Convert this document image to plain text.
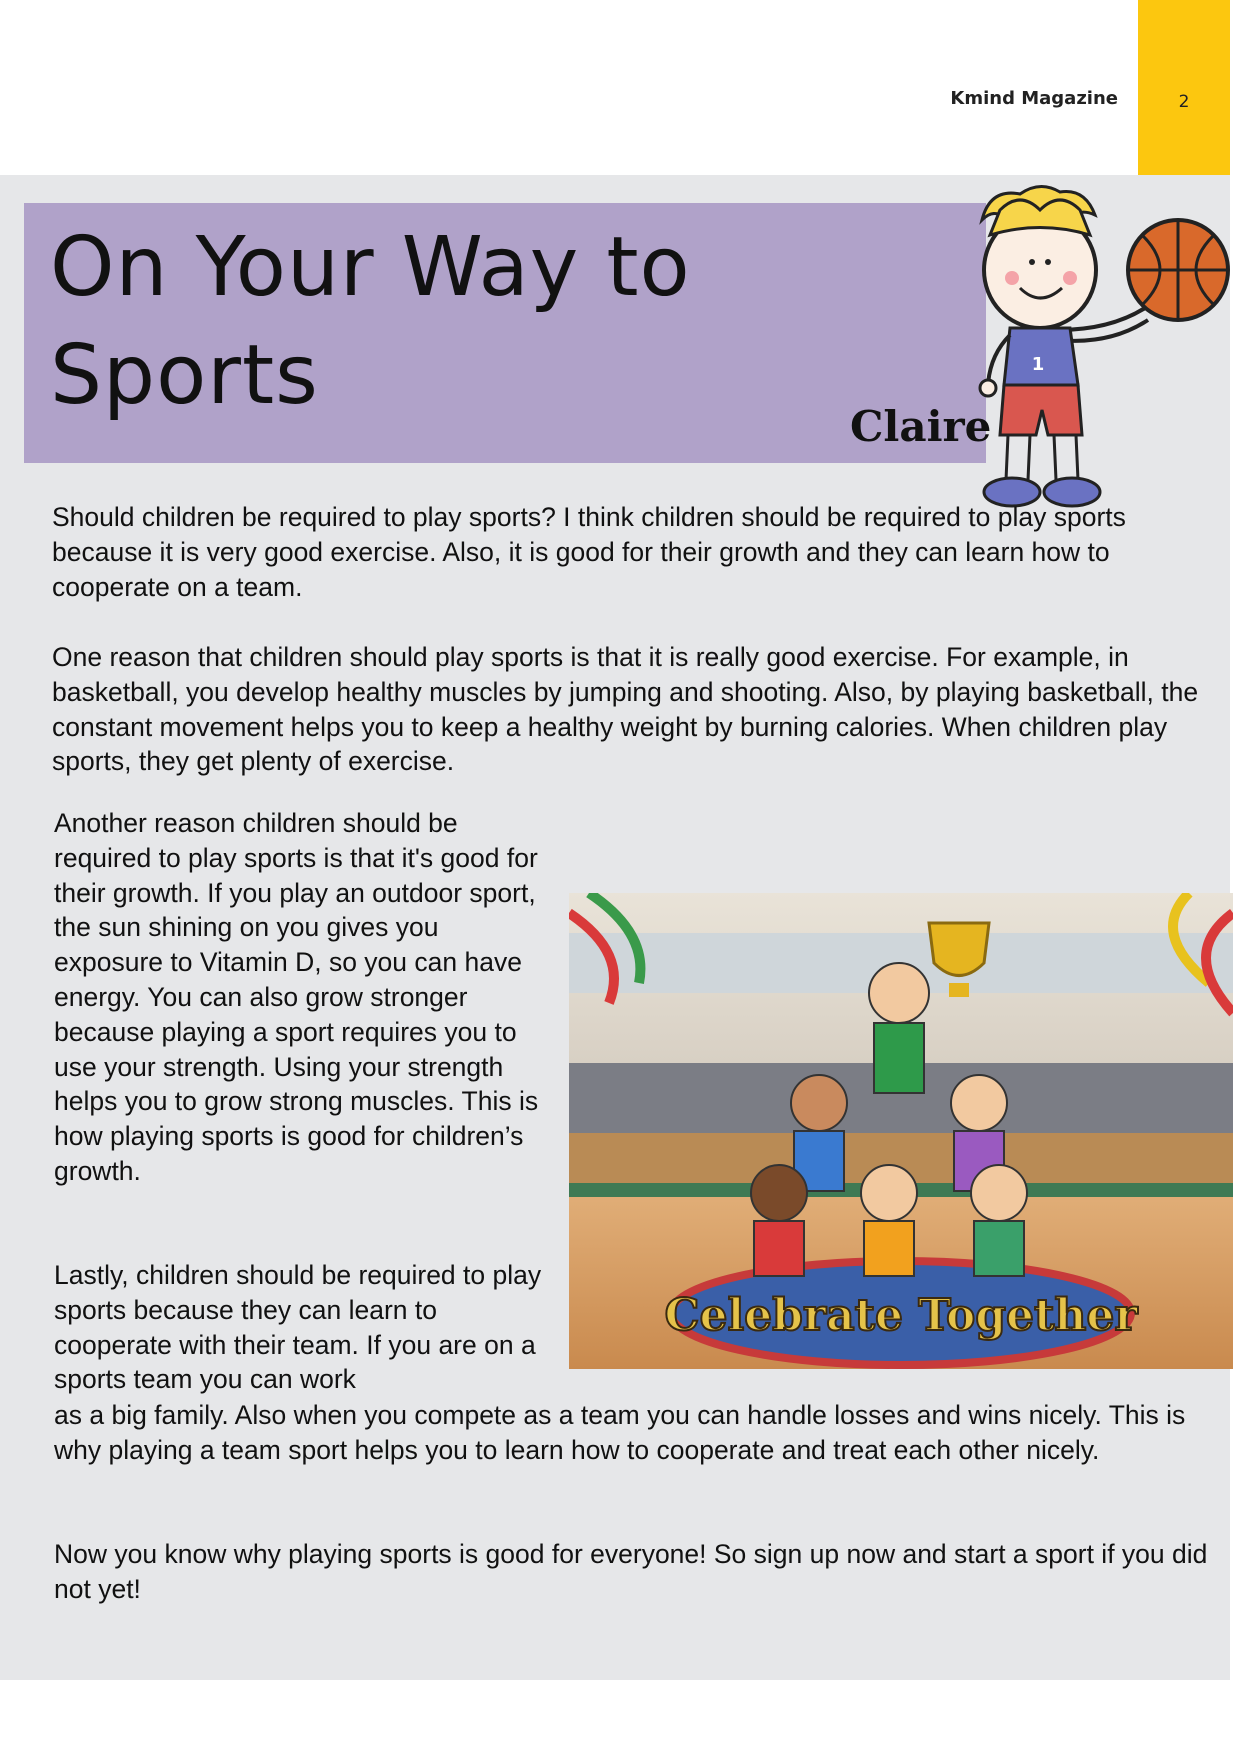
Kmind Magazine	2
On Your Way to
Sports
Claire
1

Should children be required to play sports? I think children should be required to play sports because it is very good exercise. Also, it is good for their growth and they can learn how to cooperate on a team.

One reason that children should play sports is that it is really good exercise. For example, in basketball, you develop healthy muscles by jumping and shooting. Also, by playing basketball, the constant movement helps you to keep a healthy weight by burning calories. When children play sports, they get plenty of exercise.

Another reason children should be required to play sports is that it's good for their growth. If you play an outdoor sport, the sun shining on you gives you exposure to Vitamin D, so you can have energy. You can also grow stronger because playing a sport requires you to use your strength. Using your strength helps you to grow strong muscles. This is how playing sports is good for children’s growth.

Lastly, children should be required to play sports because they can learn to cooperate with their team. If you are on a sports team you can work

as a big family. Also when you compete as a team you can handle losses and wins nicely. This is why playing a team sport helps you to learn how to cooperate and treat each other nicely.

Now you know why playing sports is good for everyone! So sign up now and start a sport if you did not yet!

Celebrate Together
